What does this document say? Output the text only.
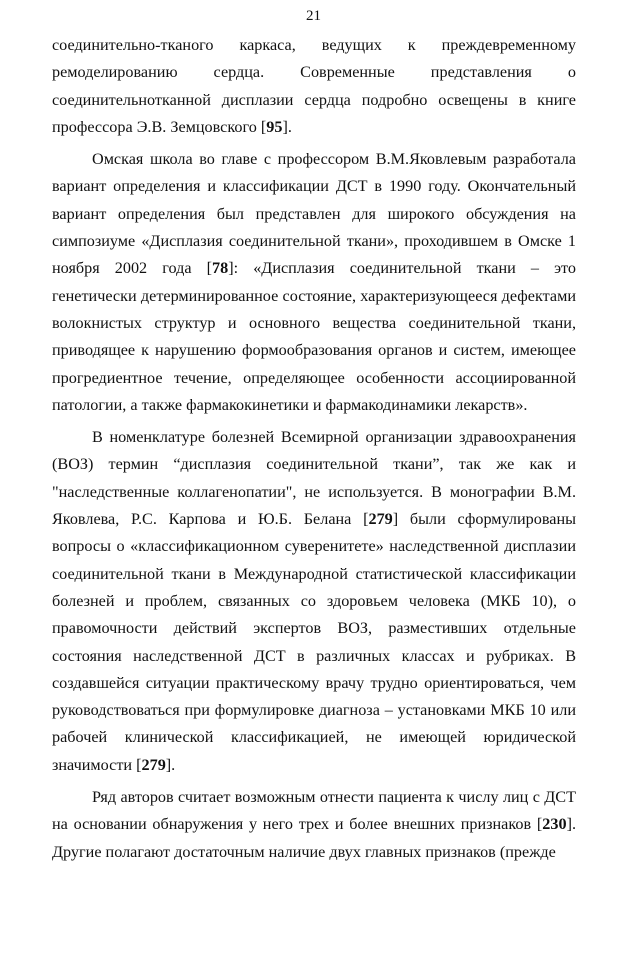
21

соединительно-тканого каркаса, ведущих к преждевременному ремоделированию сердца. Современные представления о соединительнотканной дисплазии сердца подробно освещены в книге профессора Э.В. Земцовского [95].

Омская школа во главе с профессором В.М.Яковлевым разработала вариант определения и классификации ДСТ в 1990 году. Окончательный вариант определения был представлен для широкого обсуждения на симпозиуме «Дисплазия соединительной ткани», проходившем в Омске 1 ноября 2002 года [78]: «Дисплазия соединительной ткани – это генетически детерминированное состояние, характеризующееся дефектами волокнистых структур и основного вещества соединительной ткани, приводящее к нарушению формообразования органов и систем, имеющее прогредиентное течение, определяющее особенности ассоциированной патологии, а также фармакокинетики и фармакодинамики лекарств».

В номенклатуре болезней Всемирной организации здравоохранения (ВОЗ) термин “дисплазия соединительной ткани”, так же как и "наследственные коллагенопатии", не используется. В монографии В.М. Яковлева, Р.С. Карпова и Ю.Б. Белана [279] были сформулированы вопросы о «классификационном суверенитете» наследственной дисплазии соединительной ткани в Международной статистической классификации болезней и проблем, связанных со здоровьем человека (МКБ 10), о правомочности действий экспертов ВОЗ, разместивших отдельные состояния наследственной ДСТ в различных классах и рубриках. В создавшейся ситуации практическому врачу трудно ориентироваться, чем руководствоваться при формулировке диагноза – установками МКБ 10 или рабочей клинической классификацией, не имеющей юридической значимости [279].

Ряд авторов считает возможным отнести пациента к числу лиц с ДСТ на основании обнаружения у него трех и более внешних признаков [230]. Другие полагают достаточным наличие двух главных признаков (прежде
